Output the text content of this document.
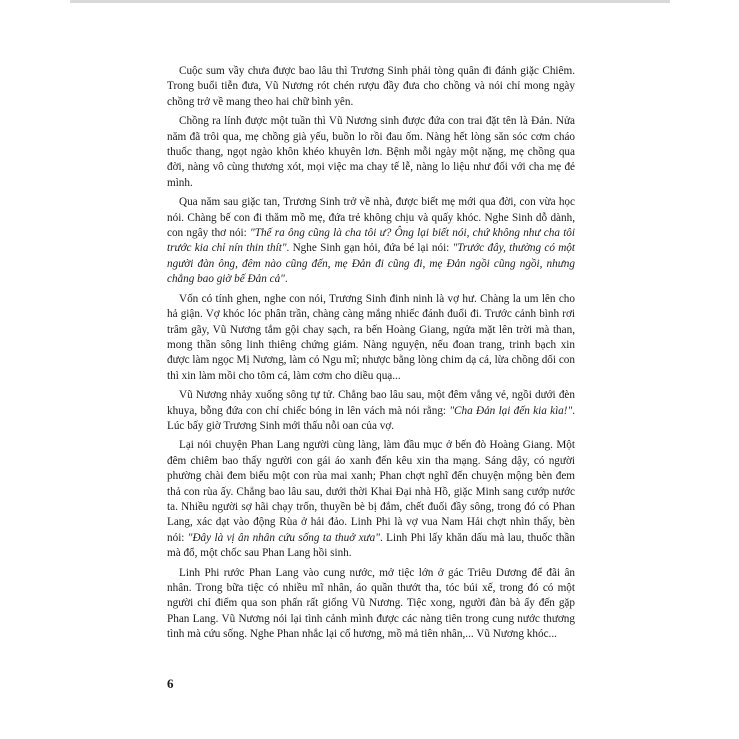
Cuộc sum vầy chưa được bao lâu thì Trương Sinh phải tòng quân đi đánh giặc Chiêm. Trong buổi tiễn đưa, Vũ Nương rót chén rượu đầy đưa cho chồng và nói chỉ mong ngày chồng trở về mang theo hai chữ bình yên.

Chồng ra lính được một tuần thì Vũ Nương sinh được đứa con trai đặt tên là Đản. Nửa năm đã trôi qua, mẹ chồng già yếu, buồn lo rồi đau ốm. Nàng hết lòng săn sóc cơm cháo thuốc thang, ngọt ngào khôn khéo khuyên lơn. Bệnh mỗi ngày một nặng, mẹ chồng qua đời, nàng vô cùng thương xót, mọi việc ma chay tế lễ, nàng lo liệu như đối với cha mẹ đẻ mình.

Qua năm sau giặc tan, Trương Sinh trở về nhà, được biết mẹ mới qua đời, con vừa học nói. Chàng bế con đi thăm mồ mẹ, đứa trẻ không chịu và quấy khóc. Nghe Sinh dỗ dành, con ngây thơ nói: "Thế ra ông cũng là cha tôi ư? Ông lại biết nói, chứ không như cha tôi trước kia chỉ nín thin thít". Nghe Sinh gạn hỏi, đứa bé lại nói: "Trước đây, thường có một người đàn ông, đêm nào cũng đến, mẹ Đản đi cũng đi, mẹ Đản ngồi cũng ngồi, nhưng chẳng bao giờ bế Đản cả".

Vốn có tính ghen, nghe con nói, Trương Sinh đinh ninh là vợ hư. Chàng la um lên cho hả giận. Vợ khóc lóc phân trần, chàng càng mắng nhiếc đánh đuổi đi. Trước cảnh bình rơi trâm gãy, Vũ Nương tắm gội chay sạch, ra bến Hoàng Giang, ngửa mặt lên trời mà than, mong thần sông linh thiêng chứng giám. Nàng nguyện, nếu đoan trang, trinh bạch xin được làm ngọc Mị Nương, làm cỏ Ngu mĩ; nhược bằng lòng chim dạ cá, lừa chồng dối con thì xin làm mồi cho tôm cá, làm cơm cho diều quạ...

Vũ Nương nhảy xuống sông tự tử. Chẳng bao lâu sau, một đêm vắng vẻ, ngồi dưới đèn khuya, bỗng đứa con chỉ chiếc bóng in lên vách mà nói rằng: "Cha Đản lại đến kia kìa!". Lúc bấy giờ Trương Sinh mới thấu nỗi oan của vợ.

Lại nói chuyện Phan Lang người cùng làng, làm đầu mục ở bến đò Hoàng Giang. Một đêm chiêm bao thấy người con gái áo xanh đến kêu xin tha mạng. Sáng dậy, có người phường chài đem biếu một con rùa mai xanh; Phan chợt nghĩ đến chuyện mộng bèn đem thả con rùa ấy. Chẳng bao lâu sau, dưới thời Khai Đại nhà Hồ, giặc Minh sang cướp nước ta. Nhiều người sợ hãi chạy trốn, thuyền bè bị đắm, chết đuối đầy sông, trong đó có Phan Lang, xác dạt vào động Rùa ở hải đảo. Linh Phi là vợ vua Nam Hải chợt nhìn thấy, bèn nói: "Đây là vị ân nhân cứu sống ta thuở xưa". Linh Phi lấy khăn dấu mà lau, thuốc thần mà đổ, một chốc sau Phan Lang hồi sinh.

Linh Phi rước Phan Lang vào cung nước, mở tiệc lớn ở gác Triêu Dương để đãi ân nhân. Trong bữa tiệc có nhiều mĩ nhân, áo quần thướt tha, tóc búi xế, trong đó có một người chỉ điểm qua son phấn rất giống Vũ Nương. Tiệc xong, người đàn bà ấy đến gặp Phan Lang. Vũ Nương nói lại tình cảnh mình được các nàng tiên trong cung nước thương tình mà cứu sống. Nghe Phan nhắc lại cố hương, mồ mả tiên nhân,... Vũ Nương khóc...

6
